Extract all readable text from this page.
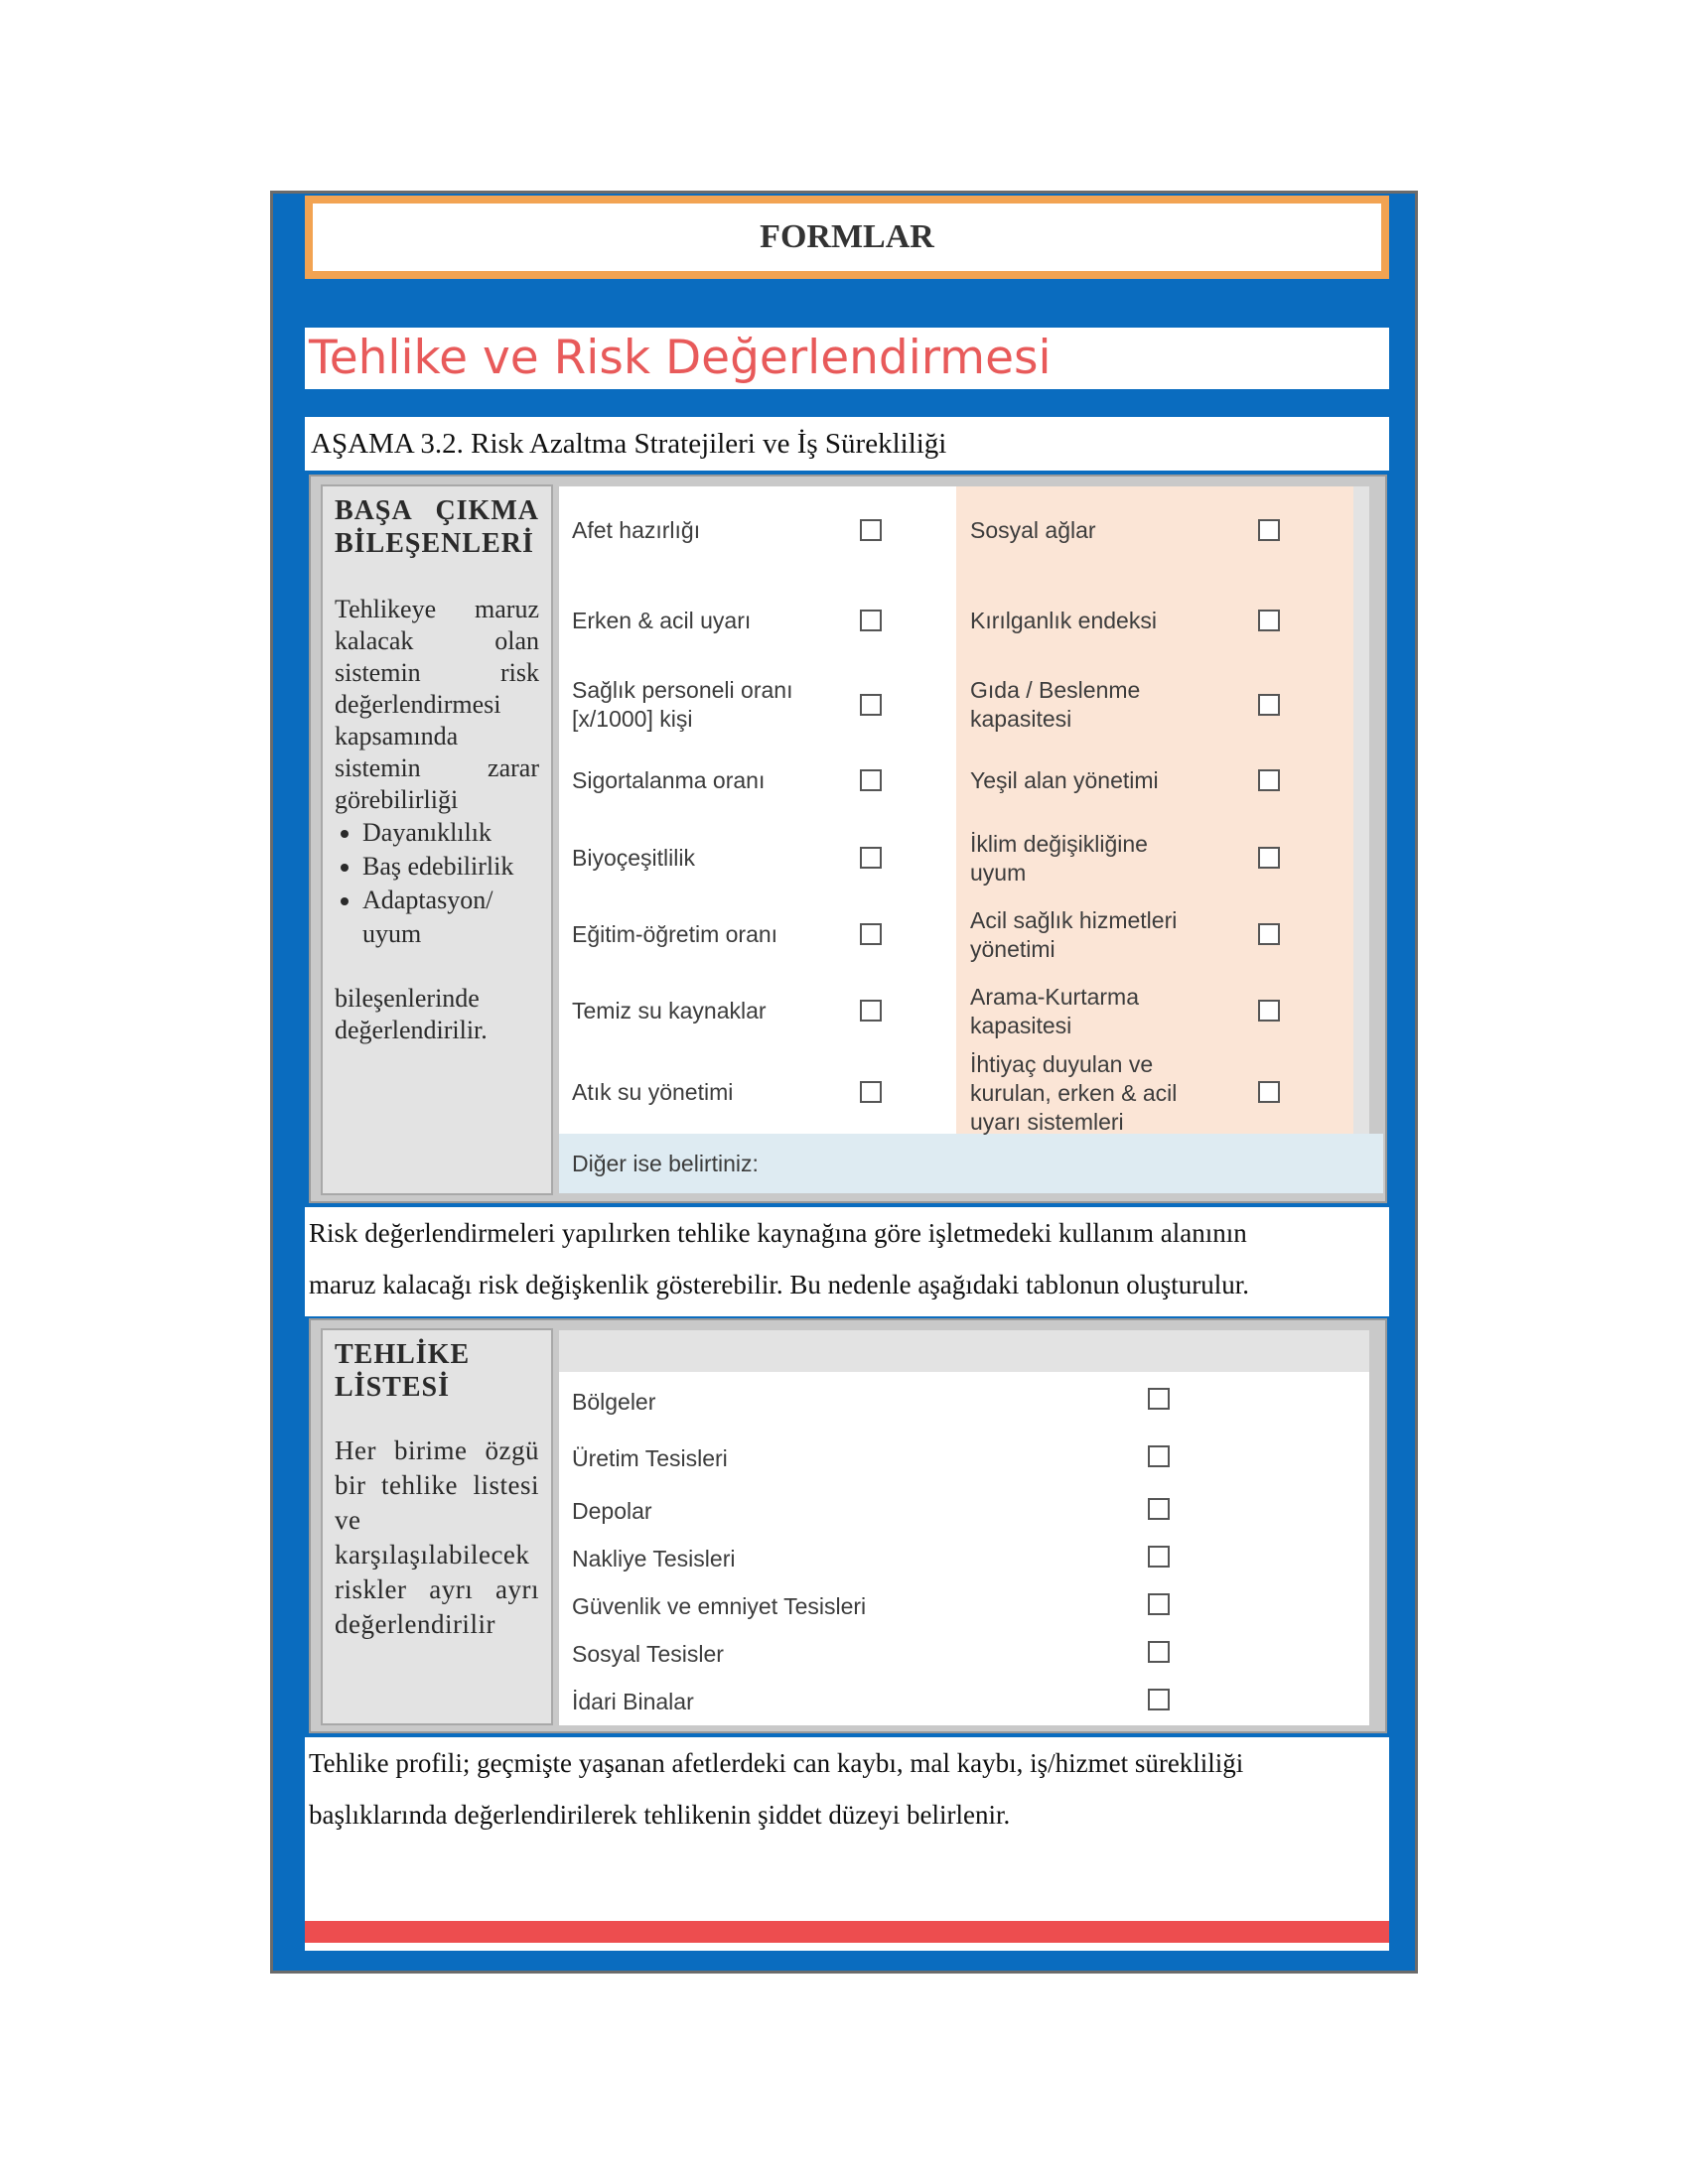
FORMLAR
Tehlike ve Risk Değerlendirmesi
AŞAMA 3.2. Risk Azaltma Stratejileri ve İş Sürekliliği
BAŞA ÇIKMA
BİLEŞENLERİ

Tehlikeye maruz kalacak olan sistemin risk değerlendirmesi kapsamında sistemin zarar görebilirliği

• Dayanıklılık
• Baş edebilirlik
• Adaptasyon/ uyum

bileşenlerinde değerlendirilir.

Afet hazırlığı
Erken & acil uyarı
Sağlık personeli oranı [x/1000] kişi
Sigortalanma oranı
Biyoçeşitlilik
Eğitim-öğretim oranı
Temiz su kaynaklar
Atık su yönetimi
Sosyal ağlar
Kırılganlık endeksi
Gıda / Beslenme kapasitesi
Yeşil alan yönetimi
İklim değişikliğine uyum
Acil sağlık hizmetleri yönetimi
Arama-Kurtarma kapasitesi
İhtiyaç duyulan ve kurulan, erken & acil uyarı sistemleri
Diğer ise belirtiniz:
Risk değerlendirmeleri yapılırken tehlike kaynağına göre işletmedeki kullanım alanının
maruz kalacağı risk değişkenlik gösterebilir. Bu nedenle aşağıdaki tablonun oluşturulur.
TEHLİKE
LİSTESİ

Her birime özgü bir tehlike listesi ve karşılaşılabilecek riskler ayrı ayrı değerlendirilir

Bölgeler
Üretim Tesisleri
Depolar
Nakliye Tesisleri
Güvenlik ve emniyet Tesisleri
Sosyal Tesisler
İdari Binalar
Tehlike profili; geçmişte yaşanan afetlerdeki can kaybı, mal kaybı, iş/hizmet sürekliliği
başlıklarında değerlendirilerek tehlikenin şiddet düzeyi belirlenir.
